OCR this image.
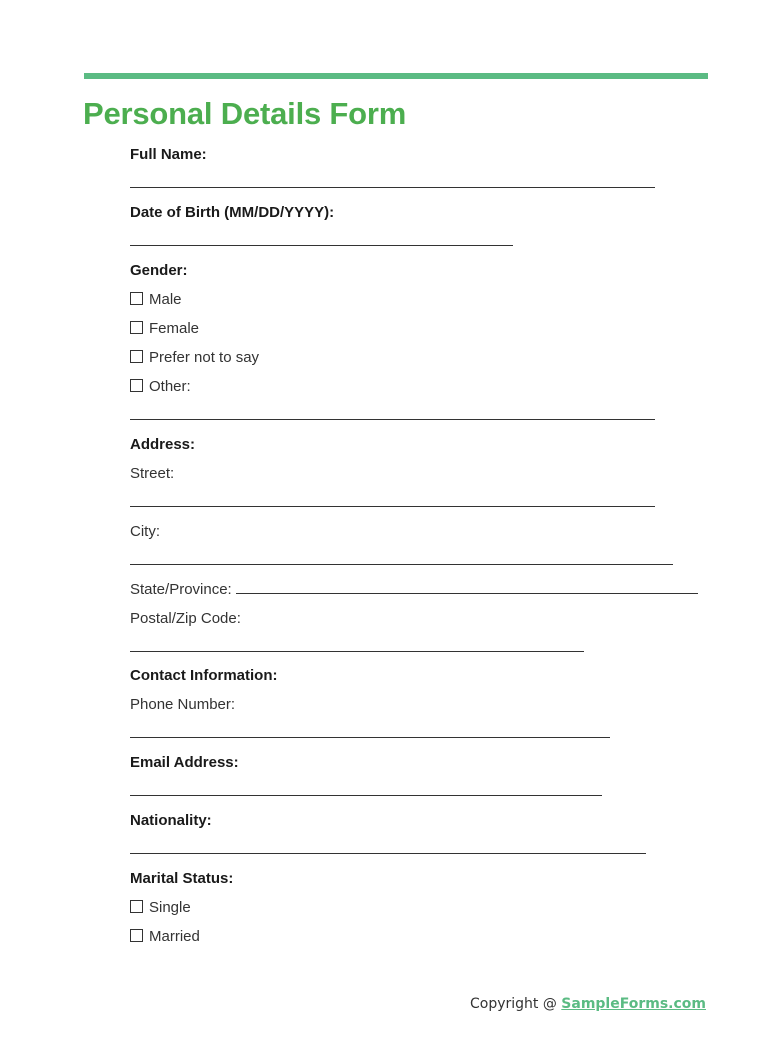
Personal Details Form
Full Name:
Date of Birth (MM/DD/YYYY):
Gender:
Male
Female
Prefer not to say
Other:
Address:
Street:
City:
State/Province:
Postal/Zip Code:
Contact Information:
Phone Number:
Email Address:
Nationality:
Marital Status:
Single
Married
Copyright @ SampleForms.com
